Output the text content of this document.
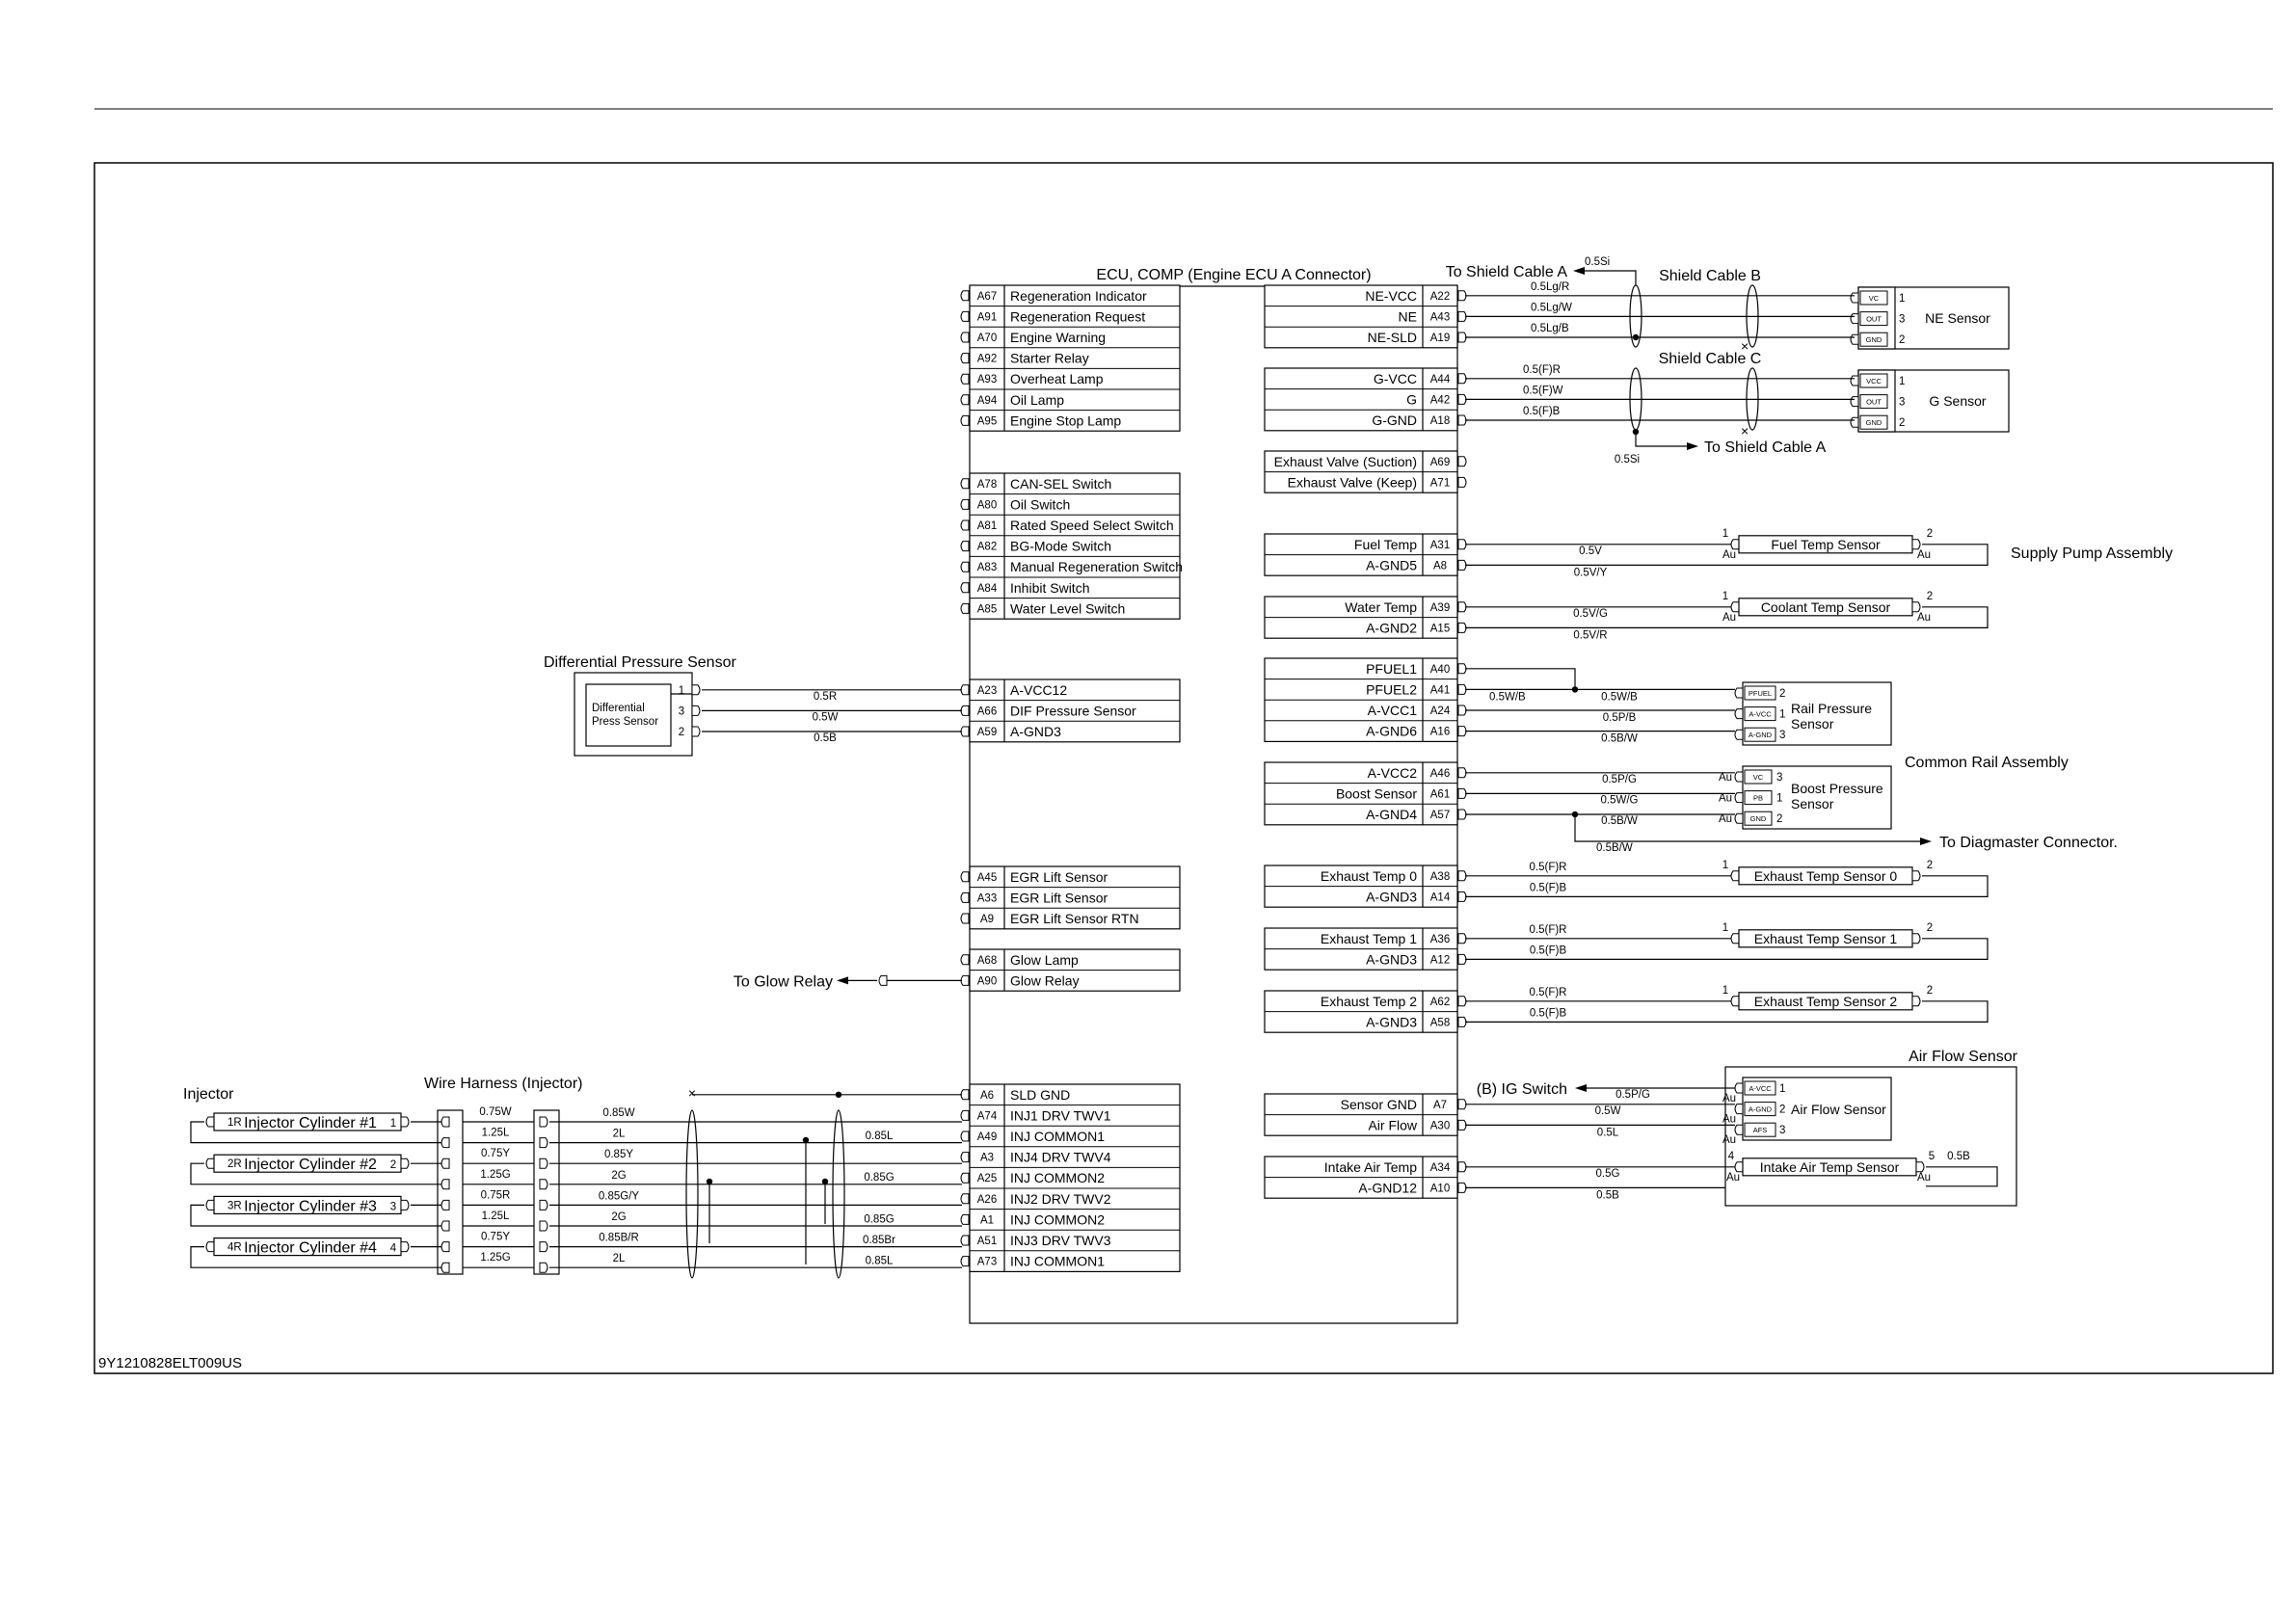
9Y1210828ELT009US
ECU, COMP (Engine ECU A Connector)
A67 Regeneration Indicator
A91 Regeneration Request
A70 Engine Warning
A92 Starter Relay
A93 Overheat Lamp
A94 Oil Lamp
A95 Engine Stop Lamp
A78 CAN-SEL Switch
A80 Oil Switch
A81 Rated Speed Select Switch
A82 BG-Mode Switch
A83 Manual Regeneration Switch
A84 Inhibit Switch
A85 Water Level Switch
A23 A-VCC12
A66 DIF Pressure Sensor
A59 A-GND3
A45 EGR Lift Sensor
A33 EGR Lift Sensor
A9 EGR Lift Sensor RTN
A68 Glow Lamp
A90 Glow Relay
A6 SLD GND
A74 INJ1 DRV TWV1
A49 INJ COMMON1
A3 INJ4 DRV TWV4
A25 INJ COMMON2
A26 INJ2 DRV TWV2
A1 INJ COMMON2
A51 INJ3 DRV TWV3
A73 INJ COMMON1
NE-VCC A22
NE A43
NE-SLD A19
G-VCC A44
G A42
G-GND A18
Exhaust Valve (Suction) A69
Exhaust Valve (Keep) A71
Fuel Temp A31
A-GND5 A8
Water Temp A39
A-GND2 A15
PFUEL1 A40
PFUEL2 A41
A-VCC1 A24
A-GND6 A16
A-VCC2 A46
Boost Sensor A61
A-GND4 A57
Exhaust Temp 0 A38
A-GND3 A14
Exhaust Temp 1 A36
A-GND3 A12
Exhaust Temp 2 A62
A-GND3 A58
Sensor GND A7
Air Flow A30
Intake Air Temp A34
A-GND12 A10
VC 1
OUT 3
GND 2
NE Sensor
VCC 1
OUT 3
GND 2
G Sensor
0.5Lg/R
0.5Lg/W
0.5Lg/B
0.5(F)R
0.5(F)W
0.5(F)B
Shield Cable B
Shield Cable C
×
×
To Shield Cable A
0.5Si
To Shield Cable A
0.5Si
Fuel Temp Sensor
1	2
Au	Au
0.5V
0.5V/Y
Supply Pump Assembly
Coolant Temp Sensor
1	2
Au	Au
0.5V/G
0.5V/R
Exhaust Temp Sensor 0
1	2
0.5(F)R
0.5(F)B
Exhaust Temp Sensor 1
1	2
0.5(F)R
0.5(F)B
Exhaust Temp Sensor 2
1	2
0.5(F)R
0.5(F)B
PFUEL 2
A-VCC 1
A-GND 3
Rail Pressure
Sensor
0.5W/B	0.5W/B
0.5P/B
0.5B/W
Common Rail Assembly
VC 3
Au
PB 1
Au
GND 2
Au
Boost Pressure
Sensor
0.5P/G
0.5W/G
0.5B/W
To Diagmaster Connector.
0.5B/W
Air Flow Sensor
A-VCC 1
Au
A-GND 2
Au
AFS 3
Au
Air Flow Sensor
(B) IG Switch	0.5P/G
0.5W
0.5L
Intake Air Temp Sensor
4	5 0.5B
Au	Au
0.5G
0.5B
Differential Pressure Sensor
Differential
Press Sensor
1	0.5R
3	0.5W
2	0.5B
To Glow Relay
Injector
Wire Harness (Injector)
1R Injector Cylinder #1 1
2R Injector Cylinder #2 2
3R Injector Cylinder #3 3
4R Injector Cylinder #4 4
0.75W	0.85W
1.25L	2L
0.75Y	0.85Y
1.25G	2G
0.75R	0.85G/Y
1.25L	2G
0.75Y	0.85B/R
1.25G	2L
×
0.85L
0.85G
0.85G
0.85Br
0.85L
